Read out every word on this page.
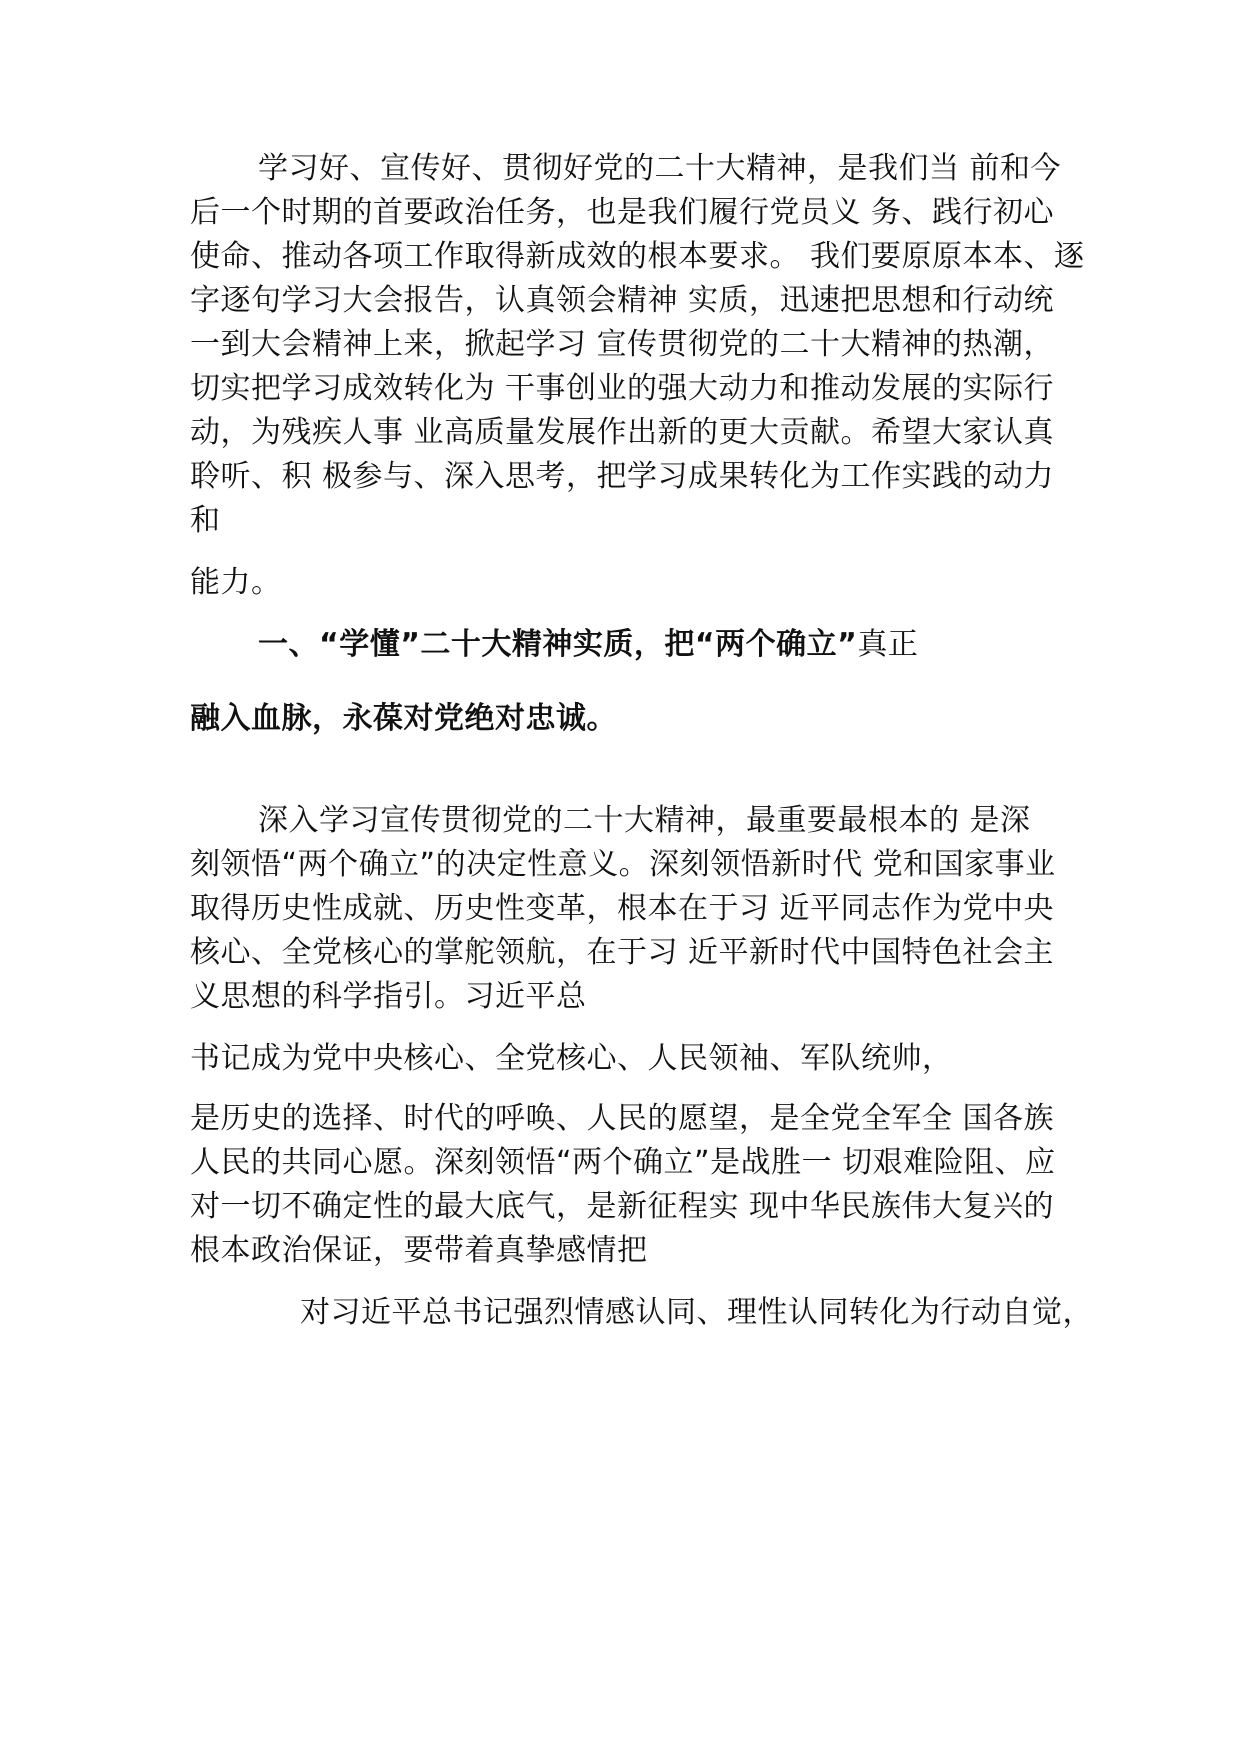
学习好、宣传好、贯彻好党的二十大精神，是我们当 前和今
后一个时期的首要政治任务，也是我们履行党员义 务、践行初心
使命、推动各项工作取得新成效的根本要求。 我们要原原本本、逐
字逐句学习大会报告，认真领会精神 实质，迅速把思想和行动统
一到大会精神上来，掀起学习 宣传贯彻党的二十大精神的热潮，
切实把学习成效转化为 干事创业的强大动力和推动发展的实际行
动，为残疾人事 业高质量发展作出新的更大贡献。希望大家认真
聆听、积 极参与、深入思考，把学习成果转化为工作实践的动力
和
能力。
一、“学懂”二十大精神实质，把“两个确立”真正
融入血脉，永葆对党绝对忠诚。
深入学习宣传贯彻党的二十大精神，最重要最根本的 是深
刻领悟“两个确立”的决定性意义。深刻领悟新时代 党和国家事业
取得历史性成就、历史性变革，根本在于习 近平同志作为党中央
核心、全党核心的掌舵领航，在于习 近平新时代中国特色社会主
义思想的科学指引。习近平总
书记成为党中央核心、全党核心、人民领袖、军队统帅，
是历史的选择、时代的呼唤、人民的愿望，是全党全军全 国各族
人民的共同心愿。深刻领悟“两个确立”是战胜一 切艰难险阻、应
对一切不确定性的最大底气，是新征程实 现中华民族伟大复兴的
根本政治保证，要带着真挚感情把
对习近平总书记强烈情感认同、理性认同转化为行动自觉，
